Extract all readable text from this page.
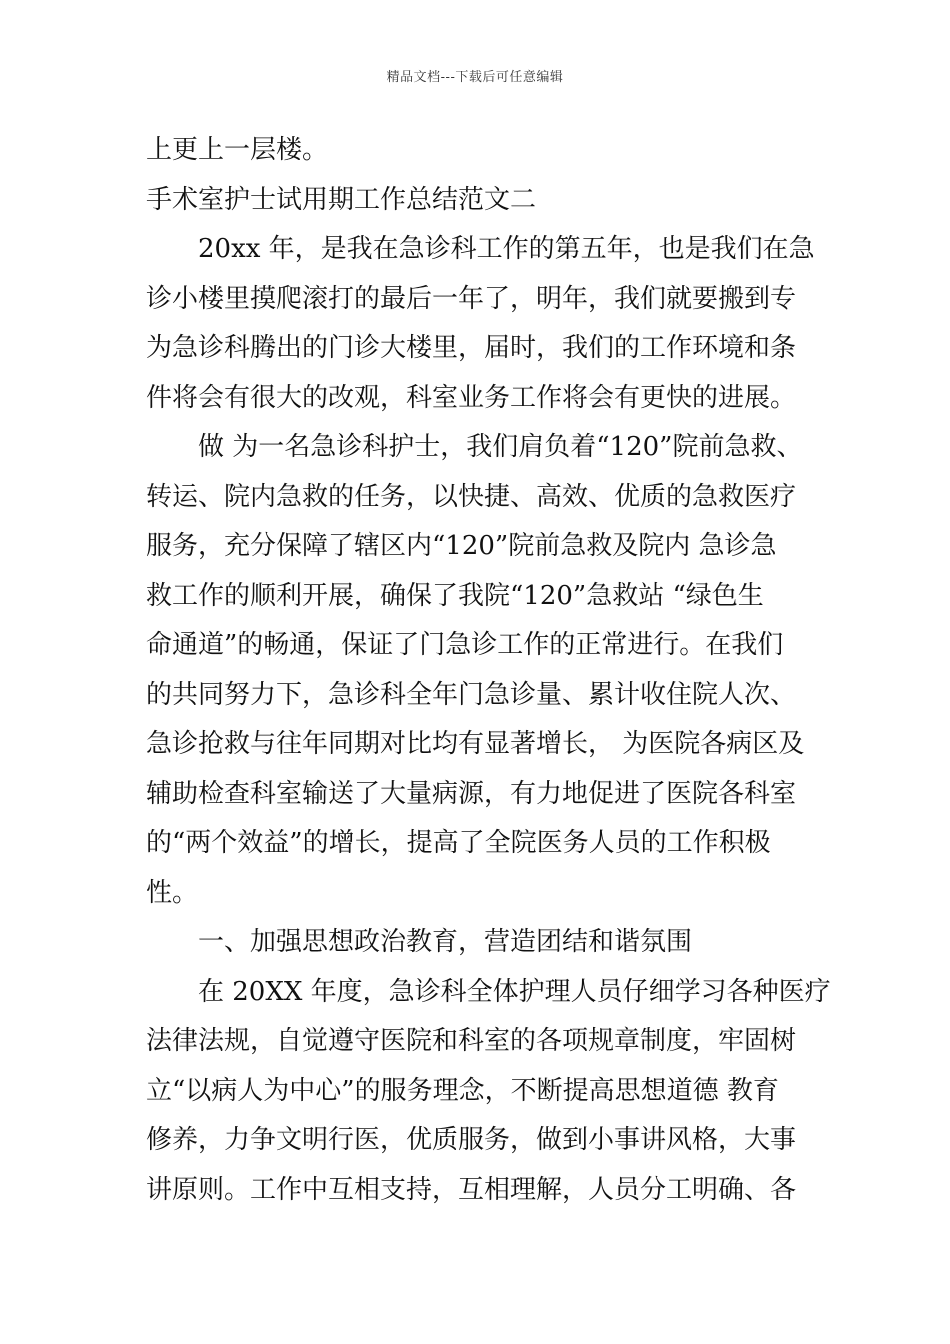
精品文档---下载后可任意编辑
上更上一层楼。
手术室护士试用期工作总结范文二
20xx 年，是我在急诊科工作的第五年，也是我们在急
诊小楼里摸爬滚打的最后一年了，明年，我们就要搬到专
为急诊科腾出的门诊大楼里，届时，我们的工作环境和条
件将会有很大的改观，科室业务工作将会有更快的进展。
做 为一名急诊科护士，我们肩负着“120”院前急救、
转运、院内急救的任务，以快捷、高效、优质的急救医疗
服务，充分保障了辖区内“120”院前急救及院内 急诊急
救工作的顺利开展，确保了我院“120”急救站 “绿色生
命通道”的畅通，保证了门急诊工作的正常进行。在我们
的共同努力下，急诊科全年门急诊量、累计收住院人次、
急诊抢救与往年同期对比均有显著增长， 为医院各病区及
辅助检查科室输送了大量病源，有力地促进了医院各科室
的“两个效益”的增长，提高了全院医务人员的工作积极
性。
一、加强思想政治教育，营造团结和谐氛围
在 20XX 年度，急诊科全体护理人员仔细学习各种医疗
法律法规，自觉遵守医院和科室的各项规章制度，牢固树
立“以病人为中心”的服务理念，不断提高思想道德 教育
修养，力争文明行医，优质服务，做到小事讲风格，大事
讲原则。工作中互相支持，互相理解，人员分工明确、各
